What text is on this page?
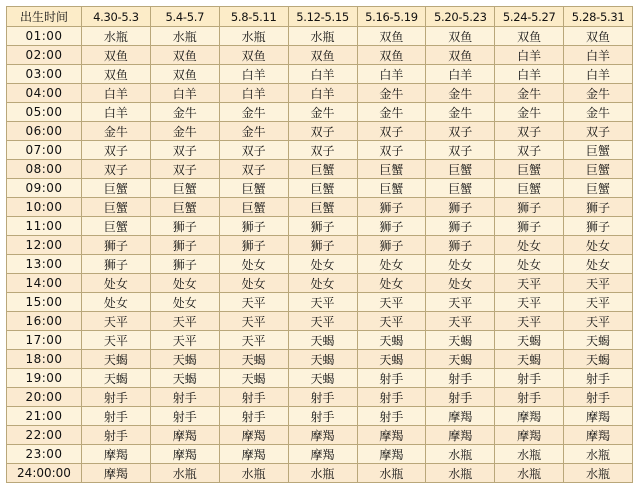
出生时间	4.30-5.3	5.4-5.7	5.8-5.11	5.12-5.15	5.16-5.19	5.20-5.23	5.24-5.27	5.28-5.31
01:00	水瓶	水瓶	水瓶	水瓶	双鱼	双鱼	双鱼	双鱼
02:00	双鱼	双鱼	双鱼	双鱼	双鱼	双鱼	白羊	白羊
03:00	双鱼	双鱼	白羊	白羊	白羊	白羊	白羊	白羊
04:00	白羊	白羊	白羊	白羊	金牛	金牛	金牛	金牛
05:00	白羊	金牛	金牛	金牛	金牛	金牛	金牛	金牛
06:00	金牛	金牛	金牛	双子	双子	双子	双子	双子
07:00	双子	双子	双子	双子	双子	双子	双子	巨蟹
08:00	双子	双子	双子	巨蟹	巨蟹	巨蟹	巨蟹	巨蟹
09:00	巨蟹	巨蟹	巨蟹	巨蟹	巨蟹	巨蟹	巨蟹	巨蟹
10:00	巨蟹	巨蟹	巨蟹	巨蟹	狮子	狮子	狮子	狮子
11:00	巨蟹	狮子	狮子	狮子	狮子	狮子	狮子	狮子
12:00	狮子	狮子	狮子	狮子	狮子	狮子	处女	处女
13:00	狮子	狮子	处女	处女	处女	处女	处女	处女
14:00	处女	处女	处女	处女	处女	处女	天平	天平
15:00	处女	处女	天平	天平	天平	天平	天平	天平
16:00	天平	天平	天平	天平	天平	天平	天平	天平
17:00	天平	天平	天平	天蝎	天蝎	天蝎	天蝎	天蝎
18:00	天蝎	天蝎	天蝎	天蝎	天蝎	天蝎	天蝎	天蝎
19:00	天蝎	天蝎	天蝎	天蝎	射手	射手	射手	射手
20:00	射手	射手	射手	射手	射手	射手	射手	射手
21:00	射手	射手	射手	射手	射手	摩羯	摩羯	摩羯
22:00	射手	摩羯	摩羯	摩羯	摩羯	摩羯	摩羯	摩羯
23:00	摩羯	摩羯	摩羯	摩羯	摩羯	水瓶	水瓶	水瓶
24:00:00	摩羯	水瓶	水瓶	水瓶	水瓶	水瓶	水瓶	水瓶
